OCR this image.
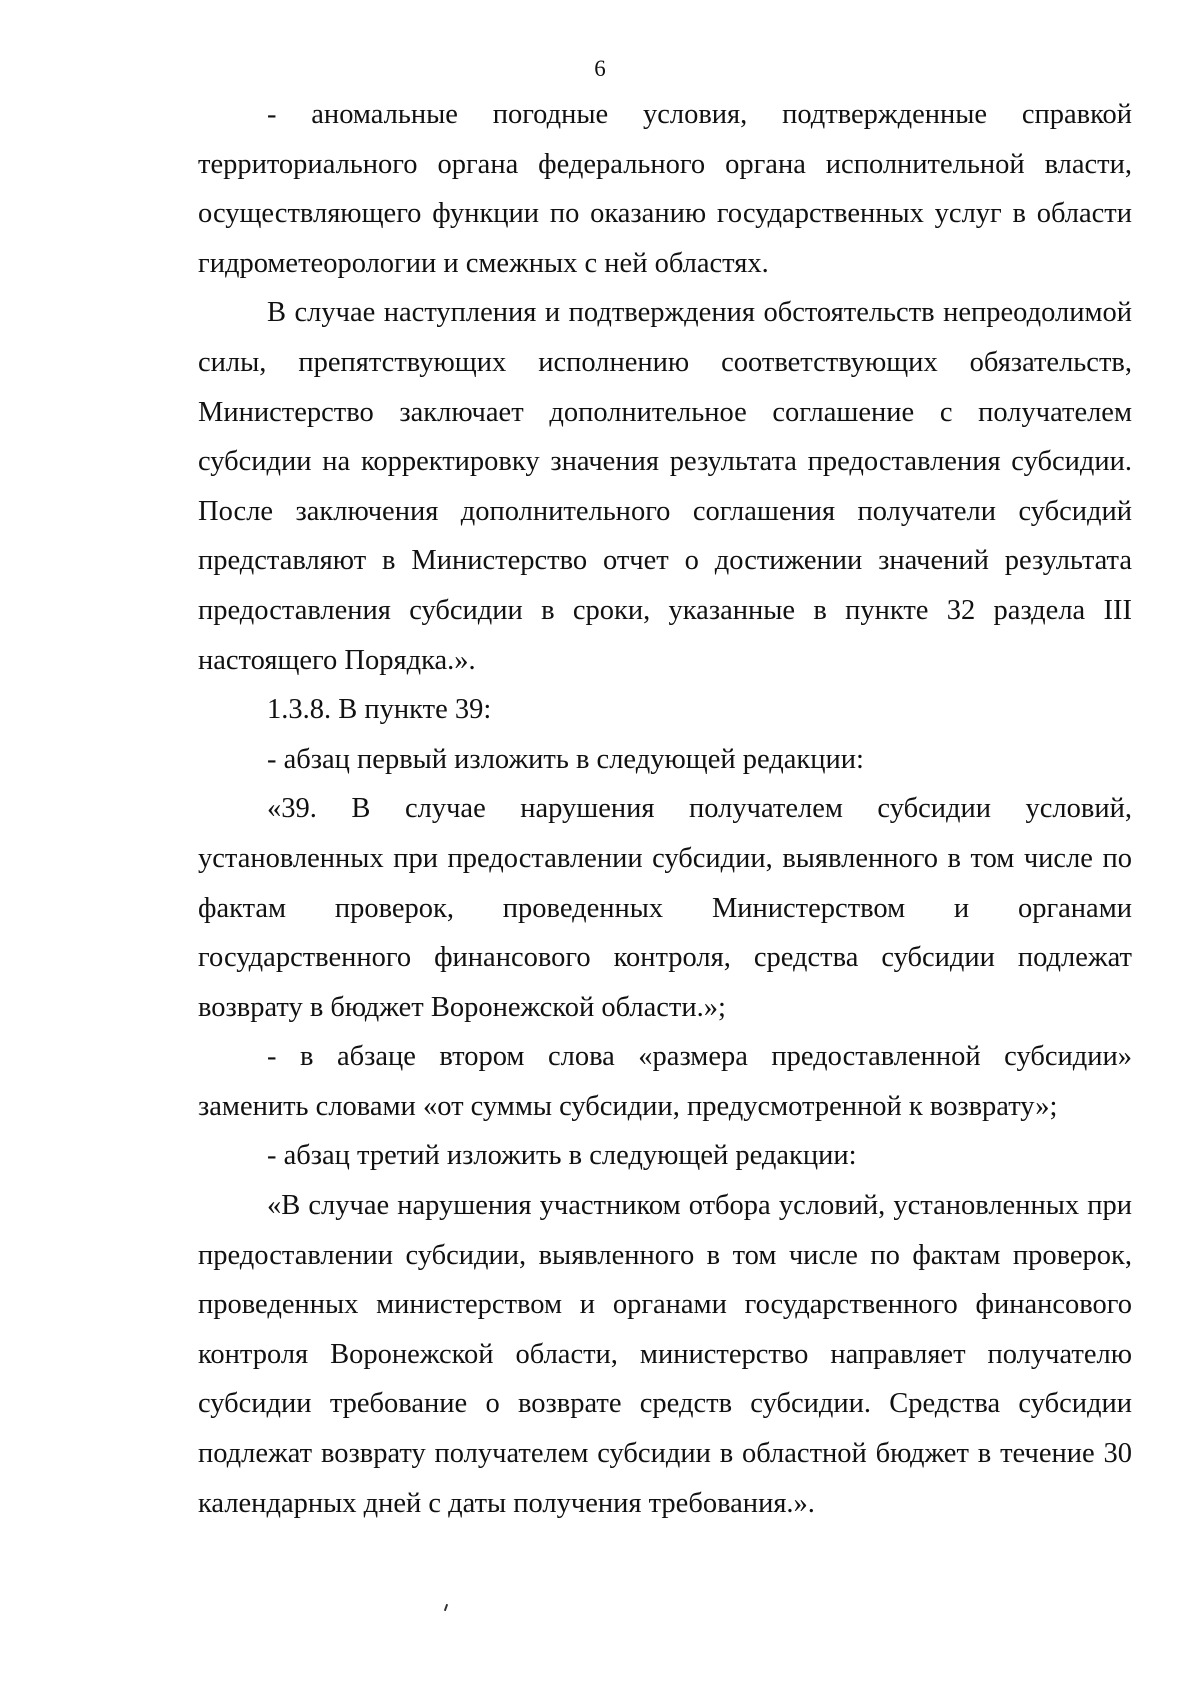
6

- аномальные погодные условия, подтвержденные справкой территориального органа федерального органа исполнительной власти, осуществляющего функции по оказанию государственных услуг в области гидрометеорологии и смежных с ней областях.

В случае наступления и подтверждения обстоятельств непреодолимой силы, препятствующих исполнению соответствующих обязательств, Министерство заключает дополнительное соглашение с получателем субсидии на корректировку значения результата предоставления субсидии. После заключения дополнительного соглашения получатели субсидий представляют в Министерство отчет о достижении значений результата предоставления субсидии в сроки, указанные в пункте 32 раздела III настоящего Порядка.».

1.3.8. В пункте 39:

- абзац первый изложить в следующей редакции:

«39. В случае нарушения получателем субсидии условий, установленных при предоставлении субсидии, выявленного в том числе по фактам проверок, проведенных Министерством и органами государственного финансового контроля, средства субсидии подлежат возврату в бюджет Воронежской области.»;

- в абзаце втором слова «размера предоставленной субсидии» заменить словами «от суммы субсидии, предусмотренной к возврату»;

- абзац третий изложить в следующей редакции:

«В случае нарушения участником отбора условий, установленных при предоставлении субсидии, выявленного в том числе по фактам проверок, проведенных министерством и органами государственного финансового контроля Воронежской области, министерство направляет получателю субсидии требование о возврате средств субсидии. Средства субсидии подлежат возврату получателем субсидии в областной бюджет в течение 30 календарных дней с даты получения требования.».
